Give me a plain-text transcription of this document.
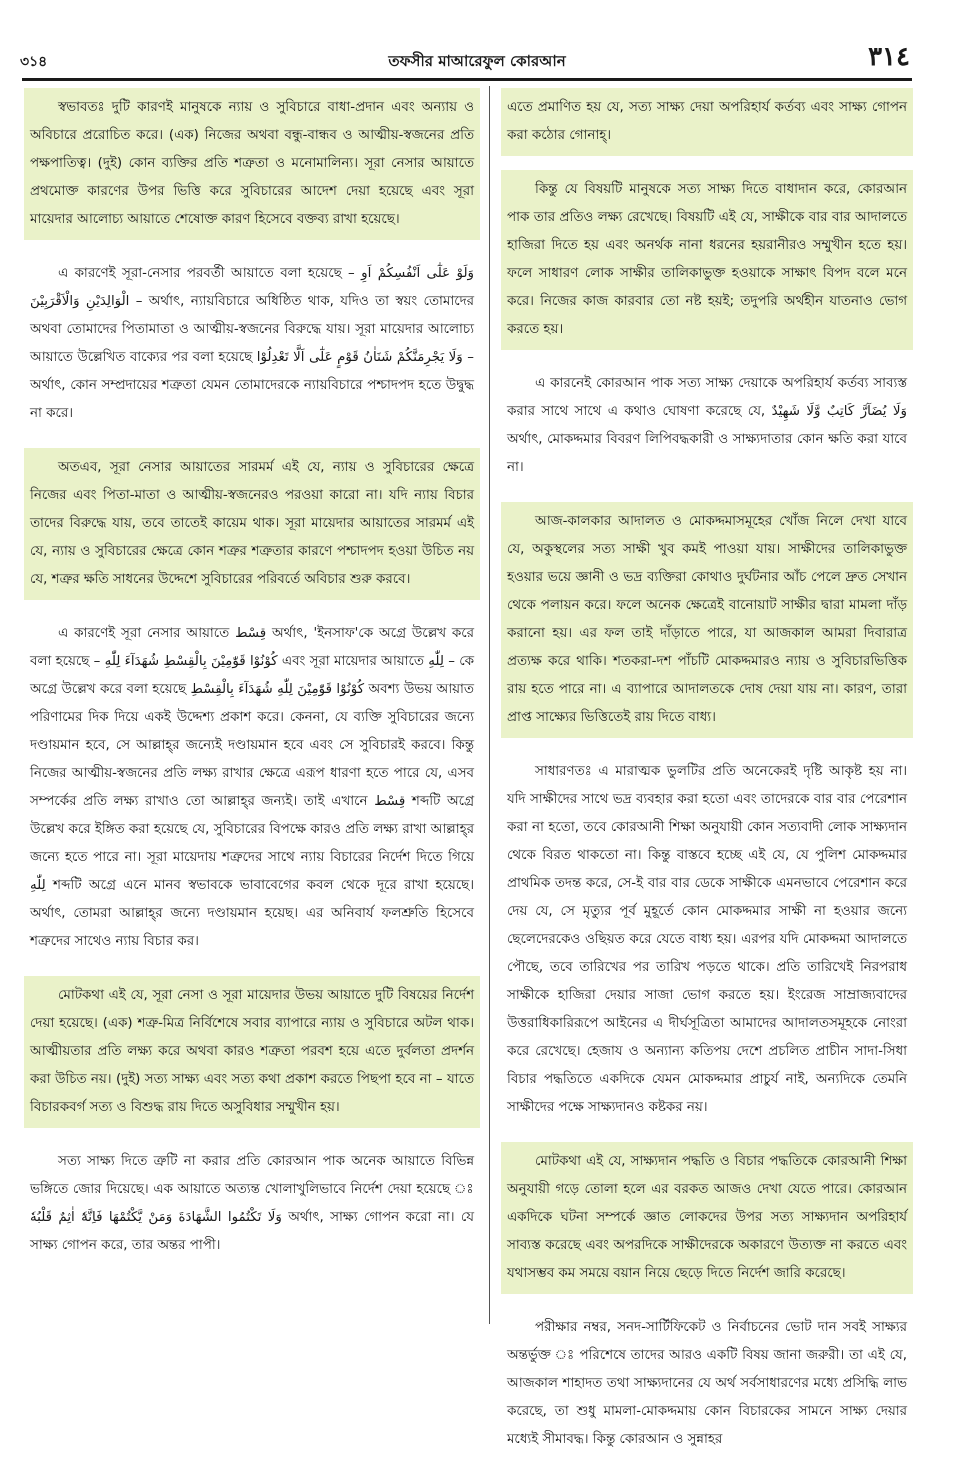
৩১৪	তফসীর মাআরেফুল কোরআন	٣١٤

স্বভাবতঃ দুটি কারণই মানুষকে ন্যায় ও সুবিচারে বাধা-প্রদান এবং অন্যায় ও অবিচারে প্ররোচিত করে। (এক) নিজের অথবা বন্ধু-বান্ধব ও আত্মীয়-স্বজনের প্রতি পক্ষপাতিত্ব। (দুই) কোন ব্যক্তির প্রতি শত্রুতা ও মনোমালিন্য। সূরা নেসার আয়াতে প্রথমোক্ত কারণের উপর ভিত্তি করে সুবিচারের আদেশ দেয়া হয়েছে এবং সূরা মায়েদার আলোচ্য আয়াতে শেষোক্ত কারণ হিসেবে বক্তব্য রাখা হয়েছে।

এ কারণেই সূরা-নেসার পরবর্তী আয়াতে বলা হয়েছে – وَلَوْ عَلٰٓى اَنْفُسِكُمْ اَوِ الْوَالِدَيْنِ وَالْاَقْرَبِيْنَ – অর্থাৎ, ন্যায়বিচারে অধিষ্ঠিত থাক, যদিও তা স্বয়ং তোমাদের অথবা তোমাদের পিতামাতা ও আত্মীয়-স্বজনের বিরুদ্ধে যায়। সূরা মায়েদার আলোচ্য আয়াতে উল্লেখিত বাক্যের পর বলা হয়েছে وَلَا يَجْرِمَنَّكُمْ شَنَاٰنُ قَوْمٍ عَلٰٓى اَلَّا تَعْدِلُوْا – অর্থাৎ, কোন সম্প্রদায়ের শত্রুতা যেমন তোমাদেরকে ন্যায়বিচারে পশ্চাদপদ হতে উদ্বুদ্ধ না করে।

অতএব, সূরা নেসার আয়াতের সারমর্ম এই যে, ন্যায় ও সুবিচারের ক্ষেত্রে নিজের এবং পিতা-মাতা ও আত্মীয়-স্বজনেরও পরওয়া কারো না। যদি ন্যায় বিচার তাদের বিরুদ্ধে যায়, তবে তাতেই কায়েম থাক। সূরা মায়েদার আয়াতের সারমর্ম এই যে, ন্যায় ও সুবিচারের ক্ষেত্রে কোন শত্রুর শত্রুতার কারণে পশ্চাদপদ হওয়া উচিত নয় যে, শত্রুর ক্ষতি সাধনের উদ্দেশে সুবিচারের পরিবর্তে অবিচার শুরু করবে।

এ কারণেই সূরা নেসার আয়াতে قِسْط অর্থাৎ, 'ইনসাফ'কে অগ্রে উল্লেখ করে বলা হয়েছে – كُوْنُوْا قَوّٰمِيْنَ بِالْقِسْطِ شُهَدَآءَ لِلّٰهِ এবং সূরা মায়েদার আয়াতে لِلّٰهِ – কে অগ্রে উল্লেখ করে বলা হয়েছে كُوْنُوْا قَوّٰمِيْنَ لِلّٰهِ شُهَدَآءَ بِالْقِسْطِ অবশ্য উভয় আয়াত পরিণামের দিক দিয়ে একই উদ্দেশ্য প্রকাশ করে। কেননা, যে ব্যক্তি সুবিচারের জন্যে দণ্ডায়মান হবে, সে আল্লাহ্‌র জন্যেই দণ্ডায়মান হবে এবং সে সুবিচারই করবে। কিন্তু নিজের আত্মীয়-স্বজনের প্রতি লক্ষ্য রাখার ক্ষেত্রে এরূপ ধারণা হতে পারে যে, এসব সম্পর্কের প্রতি লক্ষ্য রাখাও তো আল্লাহ্‌র জন্যই। তাই এখানে قِسْط শব্দটি অগ্রে উল্লেখ করে ইঙ্গিত করা হয়েছে যে, সুবিচারের বিপক্ষে কারও প্রতি লক্ষ্য রাখা আল্লাহ্‌র জন্যে হতে পারে না। সূরা মায়েদায় শত্রুদের সাথে ন্যায় বিচারের নির্দেশ দিতে গিয়ে لِلّٰهِ শব্দটি অগ্রে এনে মানব স্বভাবকে ভাবাবেগের কবল থেকে দূরে রাখা হয়েছে। অর্থাৎ, তোমরা আল্লাহ্‌র জন্যে দণ্ডায়মান হয়েছ। এর অনিবার্য ফলশ্রুতি হিসেবে শত্রুদের সাথেও ন্যায় বিচার কর।

মোটকথা এই যে, সূরা নেসা ও সূরা মায়েদার উভয় আয়াতে দুটি বিষয়ের নির্দেশ দেয়া হয়েছে। (এক) শত্রু-মিত্র নির্বিশেষে সবার ব্যাপারে ন্যায় ও সুবিচারে অটল থাক। আত্মীয়তার প্রতি লক্ষ্য করে অথবা কারও শত্রুতা পরবশ হয়ে এতে দুর্বলতা প্রদর্শন করা উচিত নয়। (দুই) সত্য সাক্ষ্য এবং সত্য কথা প্রকাশ করতে পিছপা হবে না – যাতে বিচারকবর্গ সত্য ও বিশুদ্ধ রায় দিতে অসুবিধার সম্মুখীন হয়।

সত্য সাক্ষ্য দিতে ত্রুটি না করার প্রতি কোরআন পাক অনেক আয়াতে বিভিন্ন ভঙ্গিতে জোর দিয়েছে। এক আয়াতে অত্যন্ত খোলাখুলিভাবে নির্দেশ দেয়া হয়েছে ঃ وَلَا تَكْتُمُوا الشَّهَادَةَ وَمَنْ يَّكْتُمْهَا فَاِنَّهٗٓ اٰثِمٌ قَلْبُهٗ অর্থাৎ, সাক্ষ্য গোপন করো না। যে সাক্ষ্য গোপন করে, তার অন্তর পাপী।

এতে প্রমাণিত হয় যে, সত্য সাক্ষ্য দেয়া অপরিহার্য কর্তব্য এবং সাক্ষ্য গোপন করা কঠোর গোনাহ্।

কিন্তু যে বিষয়টি মানুষকে সত্য সাক্ষ্য দিতে বাধাদান করে, কোরআন পাক তার প্রতিও লক্ষ্য রেখেছে। বিষয়টি এই যে, সাক্ষীকে বার বার আদালতে হাজিরা দিতে হয় এবং অনর্থক নানা ধরনের হয়রানীরও সম্মুখীন হতে হয়। ফলে সাধারণ লোক সাক্ষীর তালিকাভুক্ত হওয়াকে সাক্ষাৎ বিপদ বলে মনে করে। নিজের কাজ কারবার তো নষ্ট হয়ই; তদুপরি অর্থহীন যাতনাও ভোগ করতে হয়।

এ কারনেই কোরআন পাক সত্য সাক্ষ্য দেয়াকে অপরিহার্য কর্তব্য সাব্যস্ত করার সাথে সাথে এ কথাও ঘোষণা করেছে যে, وَلَا يُضَآرَّ كَاتِبٌ وَّلَا شَهِيْدٌ অর্থাৎ, মোকদ্দমার বিবরণ লিপিবদ্ধকারী ও সাক্ষ্যদাতার কোন ক্ষতি করা যাবে না।

আজ-কালকার আদালত ও মোকদ্দমাসমূহের খোঁজ নিলে দেখা যাবে যে, অকুস্থলের সত্য সাক্ষী খুব কমই পাওয়া যায়। সাক্ষীদের তালিকাভুক্ত হওয়ার ভয়ে জ্ঞানী ও ভদ্র ব্যক্তিরা কোথাও দুর্ঘটনার আঁচ পেলে দ্রুত সেখান থেকে পলায়ন করে। ফলে অনেক ক্ষেত্রেই বানোয়াট সাক্ষীর দ্বারা মামলা দাঁড় করানো হয়। এর ফল তাই দাঁড়াতে পারে, যা আজকাল আমরা দিবারাত্র প্রত্যক্ষ করে থাকি। শতকরা-দশ পাঁচটি মোকদ্দমারও ন্যায় ও সুবিচারভিত্তিক রায় হতে পারে না। এ ব্যাপারে আদালতকে দোষ দেয়া যায় না। কারণ, তারা প্রাপ্ত সাক্ষ্যের ভিত্তিতেই রায় দিতে বাধ্য।

সাধারণতঃ এ মারাত্মক ভুলটির প্রতি অনেকেরই দৃষ্টি আকৃষ্ট হয় না। যদি সাক্ষীদের সাথে ভদ্র ব্যবহার করা হতো এবং তাদেরকে বার বার পেরেশান করা না হতো, তবে কোরআনী শিক্ষা অনুযায়ী কোন সত্যবাদী লোক সাক্ষ্যদান থেকে বিরত থাকতো না। কিন্তু বাস্তবে হচ্ছে এই যে, যে পুলিশ মোকদ্দমার প্রাথমিক তদন্ত করে, সে-ই বার বার ডেকে সাক্ষীকে এমনভাবে পেরেশান করে দেয় যে, সে মৃত্যুর পূর্ব মুহূর্তে কোন মোকদ্দমার সাক্ষী না হওয়ার জন্যে ছেলেদেরকেও ওছিয়ত করে যেতে বাধ্য হয়। এরপর যদি মোকদ্দমা আদালতে পৌছে, তবে তারিখের পর তারিখ পড়তে থাকে। প্রতি তারিখেই নিরপরাধ সাক্ষীকে হাজিরা দেয়ার সাজা ভোগ করতে হয়। ইংরেজ সাম্রাজ্যবাদের উত্তরাধিকারিরূপে আইনের এ দীর্ঘসূত্রিতা আমাদের আদালতসমূহকে নোংরা করে রেখেছে। হেজায ও অন্যান্য কতিপয় দেশে প্রচলিত প্রাচীন সাদা-সিধা বিচার পদ্ধতিতে একদিকে যেমন মোকদ্দমার প্রাচুর্য নাই, অন্যদিকে তেমনি সাক্ষীদের পক্ষে সাক্ষ্যদানও কষ্টকর নয়।

মোটকথা এই যে, সাক্ষ্যদান পদ্ধতি ও বিচার পদ্ধতিকে কোরআনী শিক্ষা অনুযায়ী গড়ে তোলা হলে এর বরকত আজও দেখা যেতে পারে। কোরআন একদিকে ঘটনা সম্পর্কে জ্ঞাত লোকদের উপর সত্য সাক্ষ্যদান অপরিহার্য সাব্যস্ত করেছে এবং অপরদিকে সাক্ষীদেরকে অকারণে উত্যক্ত না করতে এবং যথাসম্ভব কম সময়ে বয়ান নিয়ে ছেড়ে দিতে নির্দেশ জারি করেছে।

পরীক্ষার নম্বর, সনদ-সার্টিফিকেট ও নির্বাচনের ভোট দান সবই সাক্ষ্যর অন্তর্ভুক্ত ঃ পরিশেষে তাদের আরও একটি বিষয় জানা জরুরী। তা এই যে, আজকাল শাহাদত তথা সাক্ষ্যদানের যে অর্থ সর্বসাধারণের মধ্যে প্রসিদ্ধি লাভ করেছে, তা শুধু মামলা-মোকদ্দমায় কোন বিচারকের সামনে সাক্ষ্য দেয়ার মধ্যেই সীমাবদ্ধ। কিন্তু কোরআন ও সুন্নাহর
